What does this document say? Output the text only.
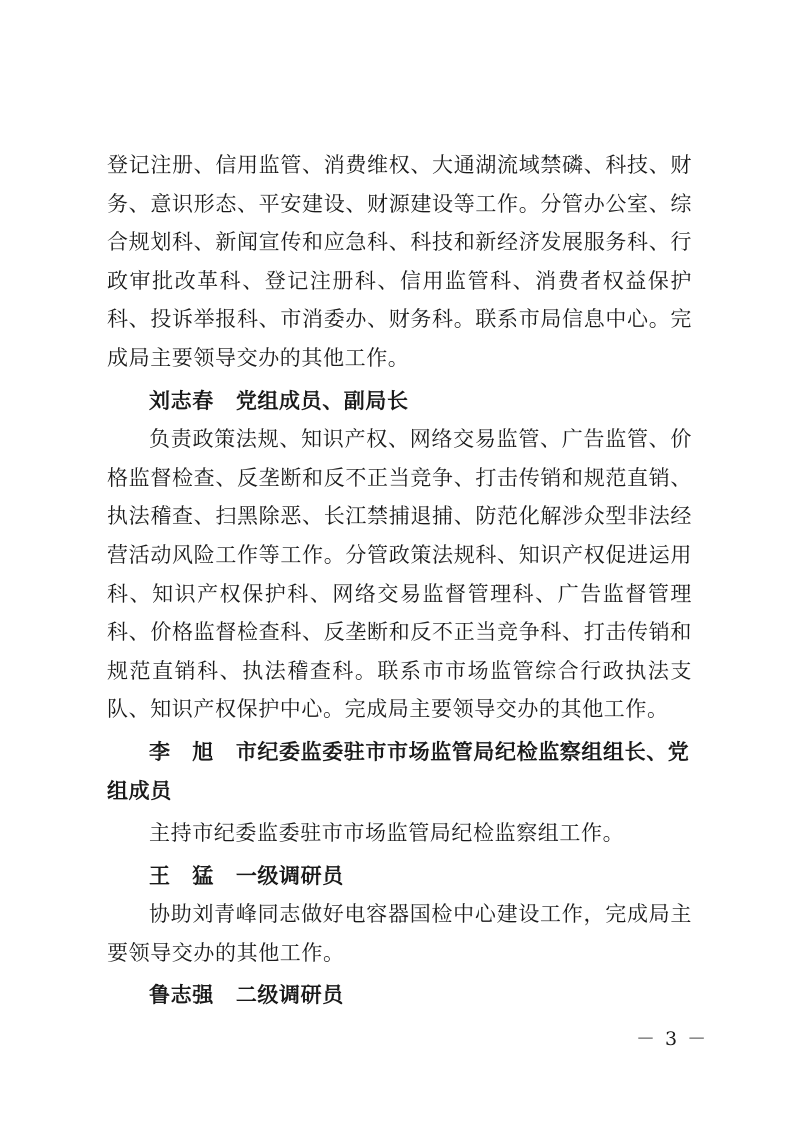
登记注册、信用监管、消费维权、大通湖流域禁磷、科技、财务、意识形态、平安建设、财源建设等工作。分管办公室、综合规划科、新闻宣传和应急科、科技和新经济发展服务科、行政审批改革科、登记注册科、信用监管科、消费者权益保护科、投诉举报科、市消委办、财务科。联系市局信息中心。完成局主要领导交办的其他工作。

刘志春 党组成员、副局长

负责政策法规、知识产权、网络交易监管、广告监管、价格监督检查、反垄断和反不正当竞争、打击传销和规范直销、执法稽查、扫黑除恶、长江禁捕退捕、防范化解涉众型非法经营活动风险工作等工作。分管政策法规科、知识产权促进运用科、知识产权保护科、网络交易监督管理科、广告监督管理科、价格监督检查科、反垄断和反不正当竞争科、打击传销和规范直销科、执法稽查科。联系市市场监管综合行政执法支队、知识产权保护中心。完成局主要领导交办的其他工作。

李　旭 市纪委监委驻市市场监管局纪检监察组组长、党组成员

主持市纪委监委驻市市场监管局纪检监察组工作。

王　猛 一级调研员

协助刘青峰同志做好电容器国检中心建设工作，完成局主要领导交办的其他工作。

鲁志强 二级调研员

－ 3 －
